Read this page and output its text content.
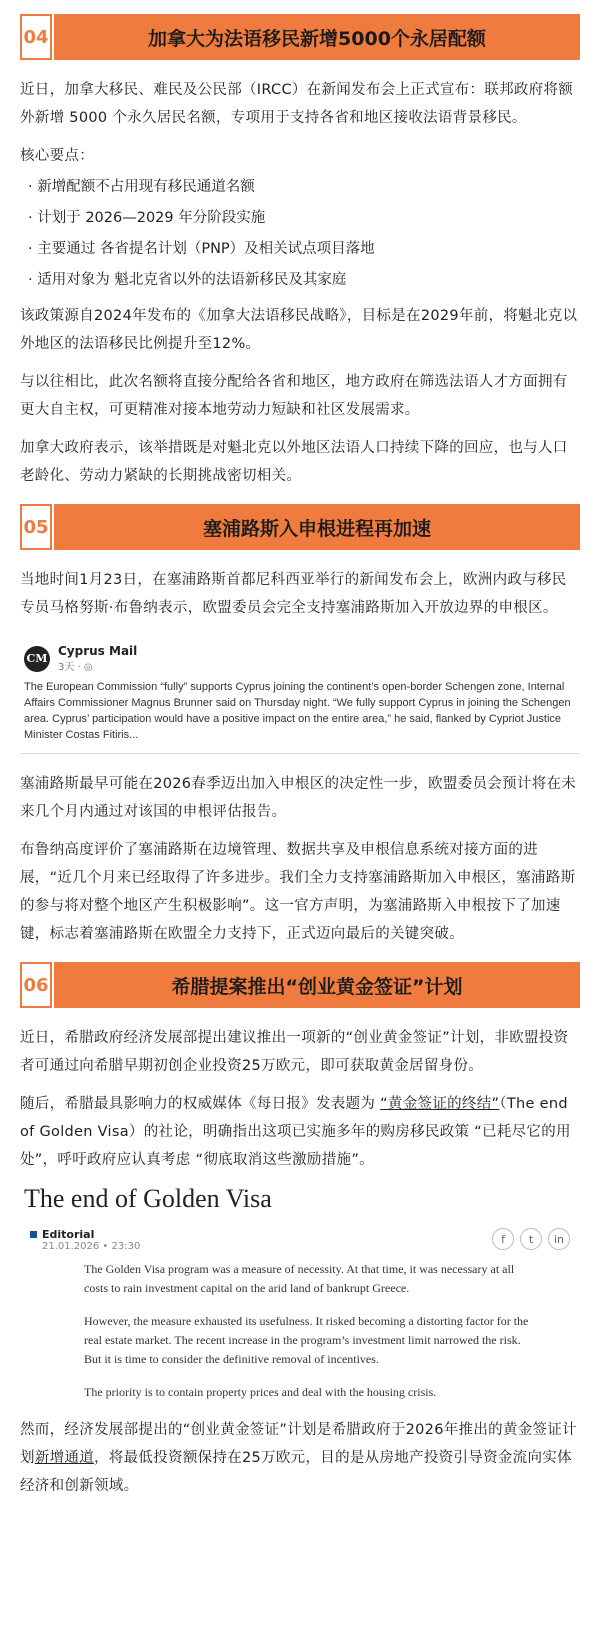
04	加拿大为法语移民新增5000个永居配额

近日，加拿大移民、难民及公民部（IRCC）在新闻发布会上正式宣布：联邦政府将额外新增 5000 个永久居民名额，专项用于支持各省和地区接收法语背景移民。

核心要点：

· 新增配额不占用现有移民通道名额
· 计划于 2026—2029 年分阶段实施
· 主要通过 各省提名计划（PNP）及相关试点项目落地
· 适用对象为 魁北克省以外的法语新移民及其家庭

该政策源自2024年发布的《加拿大法语移民战略》，目标是在2029年前，将魁北克以外地区的法语移民比例提升至12%。

与以往相比，此次名额将直接分配给各省和地区，地方政府在筛选法语人才方面拥有更大自主权，可更精准对接本地劳动力短缺和社区发展需求。

加拿大政府表示，该举措既是对魁北克以外地区法语人口持续下降的回应，也与人口老龄化、劳动力紧缺的长期挑战密切相关。

05	塞浦路斯入申根进程再加速

当地时间1月23日，在塞浦路斯首都尼科西亚举行的新闻发布会上，欧洲内政与移民专员马格努斯·布鲁纳表示，欧盟委员会完全支持塞浦路斯加入开放边界的申根区。

CM
Cyprus Mail
3天 · ◎
The European Commission “fully” supports Cyprus joining the continent’s open-border Schengen zone, Internal Affairs Commissioner Magnus Brunner said on Thursday night. “We fully support Cyprus in joining the Schengen area. Cyprus’ participation would have a positive impact on the entire area,” he said, flanked by Cypriot Justice Minister Costas Fitiris...

塞浦路斯最早可能在2026春季迈出加入申根区的决定性一步，欧盟委员会预计将在未来几个月内通过对该国的申根评估报告。

布鲁纳高度评价了塞浦路斯在边境管理、数据共享及申根信息系统对接方面的进展，“近几个月来已经取得了许多进步。我们全力支持塞浦路斯加入申根区，塞浦路斯的参与将对整个地区产生积极影响”。这一官方声明，为塞浦路斯入申根按下了加速键，标志着塞浦路斯在欧盟全力支持下，正式迈向最后的关键突破。

06	希腊提案推出“创业黄金签证”计划

近日，希腊政府经济发展部提出建议推出一项新的“创业黄金签证”计划，非欧盟投资者可通过向希腊早期初创企业投资25万欧元，即可获取黄金居留身份。

随后，希腊最具影响力的权威媒体《每日报》发表题为 “黄金签证的终结”（The end of Golden Visa）的社论，明确指出这项已实施多年的购房移民政策 “已耗尽它的用处”，呼吁政府应认真考虑 “彻底取消这些激励措施”。

The end of Golden Visa
Editorial
21.01.2026 • 23:30
f	t	in

The Golden Visa program was a measure of necessity. At that time, it was necessary at all costs to rain investment capital on the arid land of bankrupt Greece.

However, the measure exhausted its usefulness. It risked becoming a distorting factor for the real estate market. The recent increase in the program’s investment limit narrowed the risk. But it is time to consider the definitive removal of incentives.

The priority is to contain property prices and deal with the housing crisis.

然而，经济发展部提出的“创业黄金签证”计划是希腊政府于2026年推出的黄金签证计划新增通道，将最低投资额保持在25万欧元，目的是从房地产投资引导资金流向实体经济和创新领域。
